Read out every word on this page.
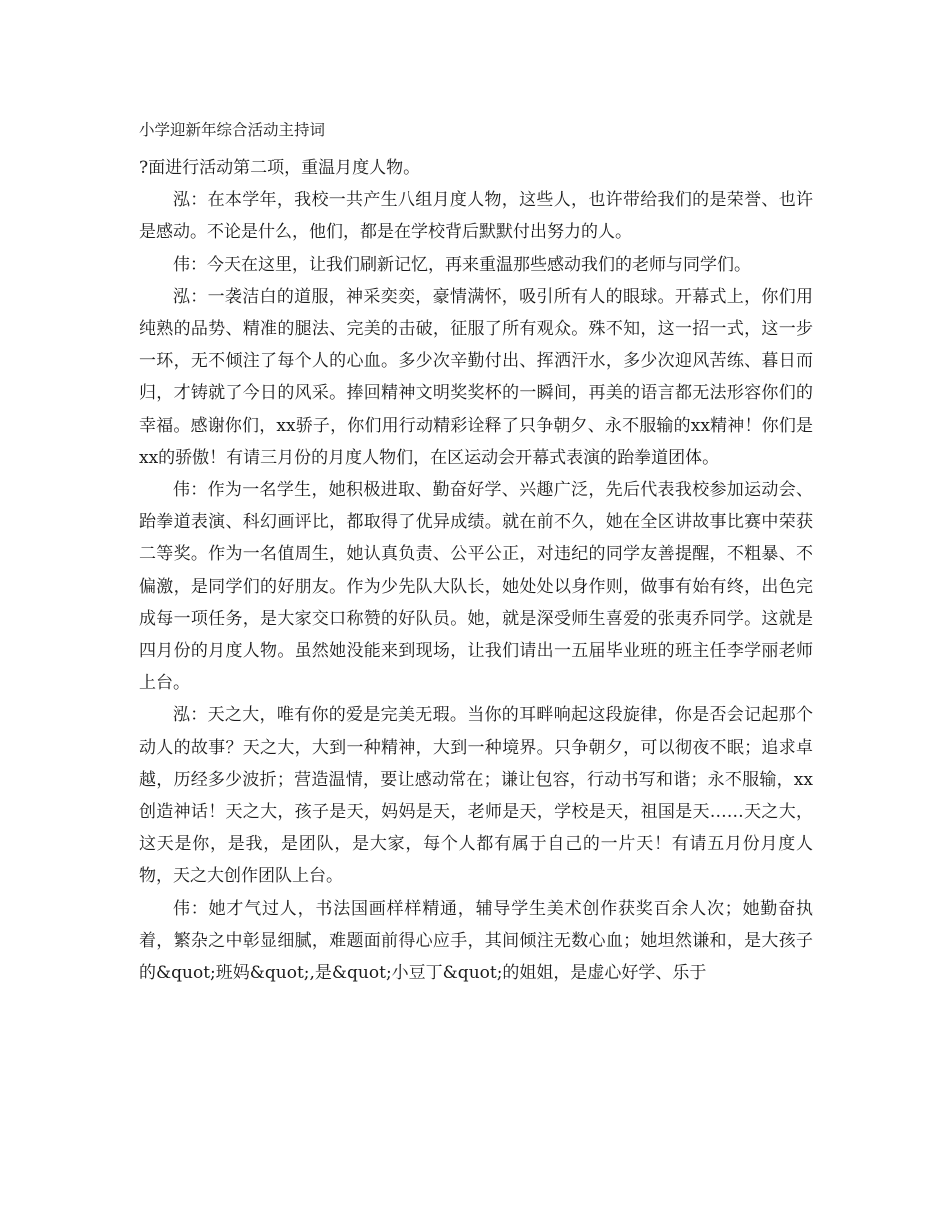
小学迎新年综合活动主持词

?面进行活动第二项，重温月度人物。

泓：在本学年，我校一共产生八组月度人物，这些人，也许带给我们的是荣誉、也许是感动。不论是什么，他们，都是在学校背后默默付出努力的人。

伟：今天在这里，让我们刷新记忆，再来重温那些感动我们的老师与同学们。

泓：一袭洁白的道服，神采奕奕，豪情满怀，吸引所有人的眼球。开幕式上，你们用纯熟的品势、精准的腿法、完美的击破，征服了所有观众。殊不知，这一招一式，这一步一环，无不倾注了每个人的心血。多少次辛勤付出、挥洒汗水，多少次迎风苦练、暮日而归，才铸就了今日的风采。捧回精神文明奖奖杯的一瞬间，再美的语言都无法形容你们的幸福。感谢你们，xx骄子，你们用行动精彩诠释了只争朝夕、永不服输的xx精神！你们是xx的骄傲！有请三月份的月度人物们，在区运动会开幕式表演的跆拳道团体。

伟：作为一名学生，她积极进取、勤奋好学、兴趣广泛，先后代表我校参加运动会、跆拳道表演、科幻画评比，都取得了优异成绩。就在前不久，她在全区讲故事比赛中荣获二等奖。作为一名值周生，她认真负责、公平公正，对违纪的同学友善提醒，不粗暴、不偏激，是同学们的好朋友。作为少先队大队长，她处处以身作则，做事有始有终，出色完成每一项任务，是大家交口称赞的好队员。她，就是深受师生喜爱的张夷乔同学。这就是四月份的月度人物。虽然她没能来到现场，让我们请出一五届毕业班的班主任李学丽老师上台。

泓：天之大，唯有你的爱是完美无瑕。当你的耳畔响起这段旋律，你是否会记起那个动人的故事？天之大，大到一种精神，大到一种境界。只争朝夕，可以彻夜不眠；追求卓越，历经多少波折；营造温情，要让感动常在；谦让包容，行动书写和谐；永不服输，xx创造神话！天之大，孩子是天，妈妈是天，老师是天，学校是天，祖国是天……天之大，这天是你，是我，是团队，是大家，每个人都有属于自己的一片天！有请五月份月度人物，天之大创作团队上台。

伟：她才气过人，书法国画样样精通，辅导学生美术创作获奖百余人次；她勤奋执着，繁杂之中彰显细腻，难题面前得心应手，其间倾注无数心血；她坦然谦和，是大孩子的&quot;班妈&quot;,是&quot;小豆丁&quot;的姐姐，是虚心好学、乐于
